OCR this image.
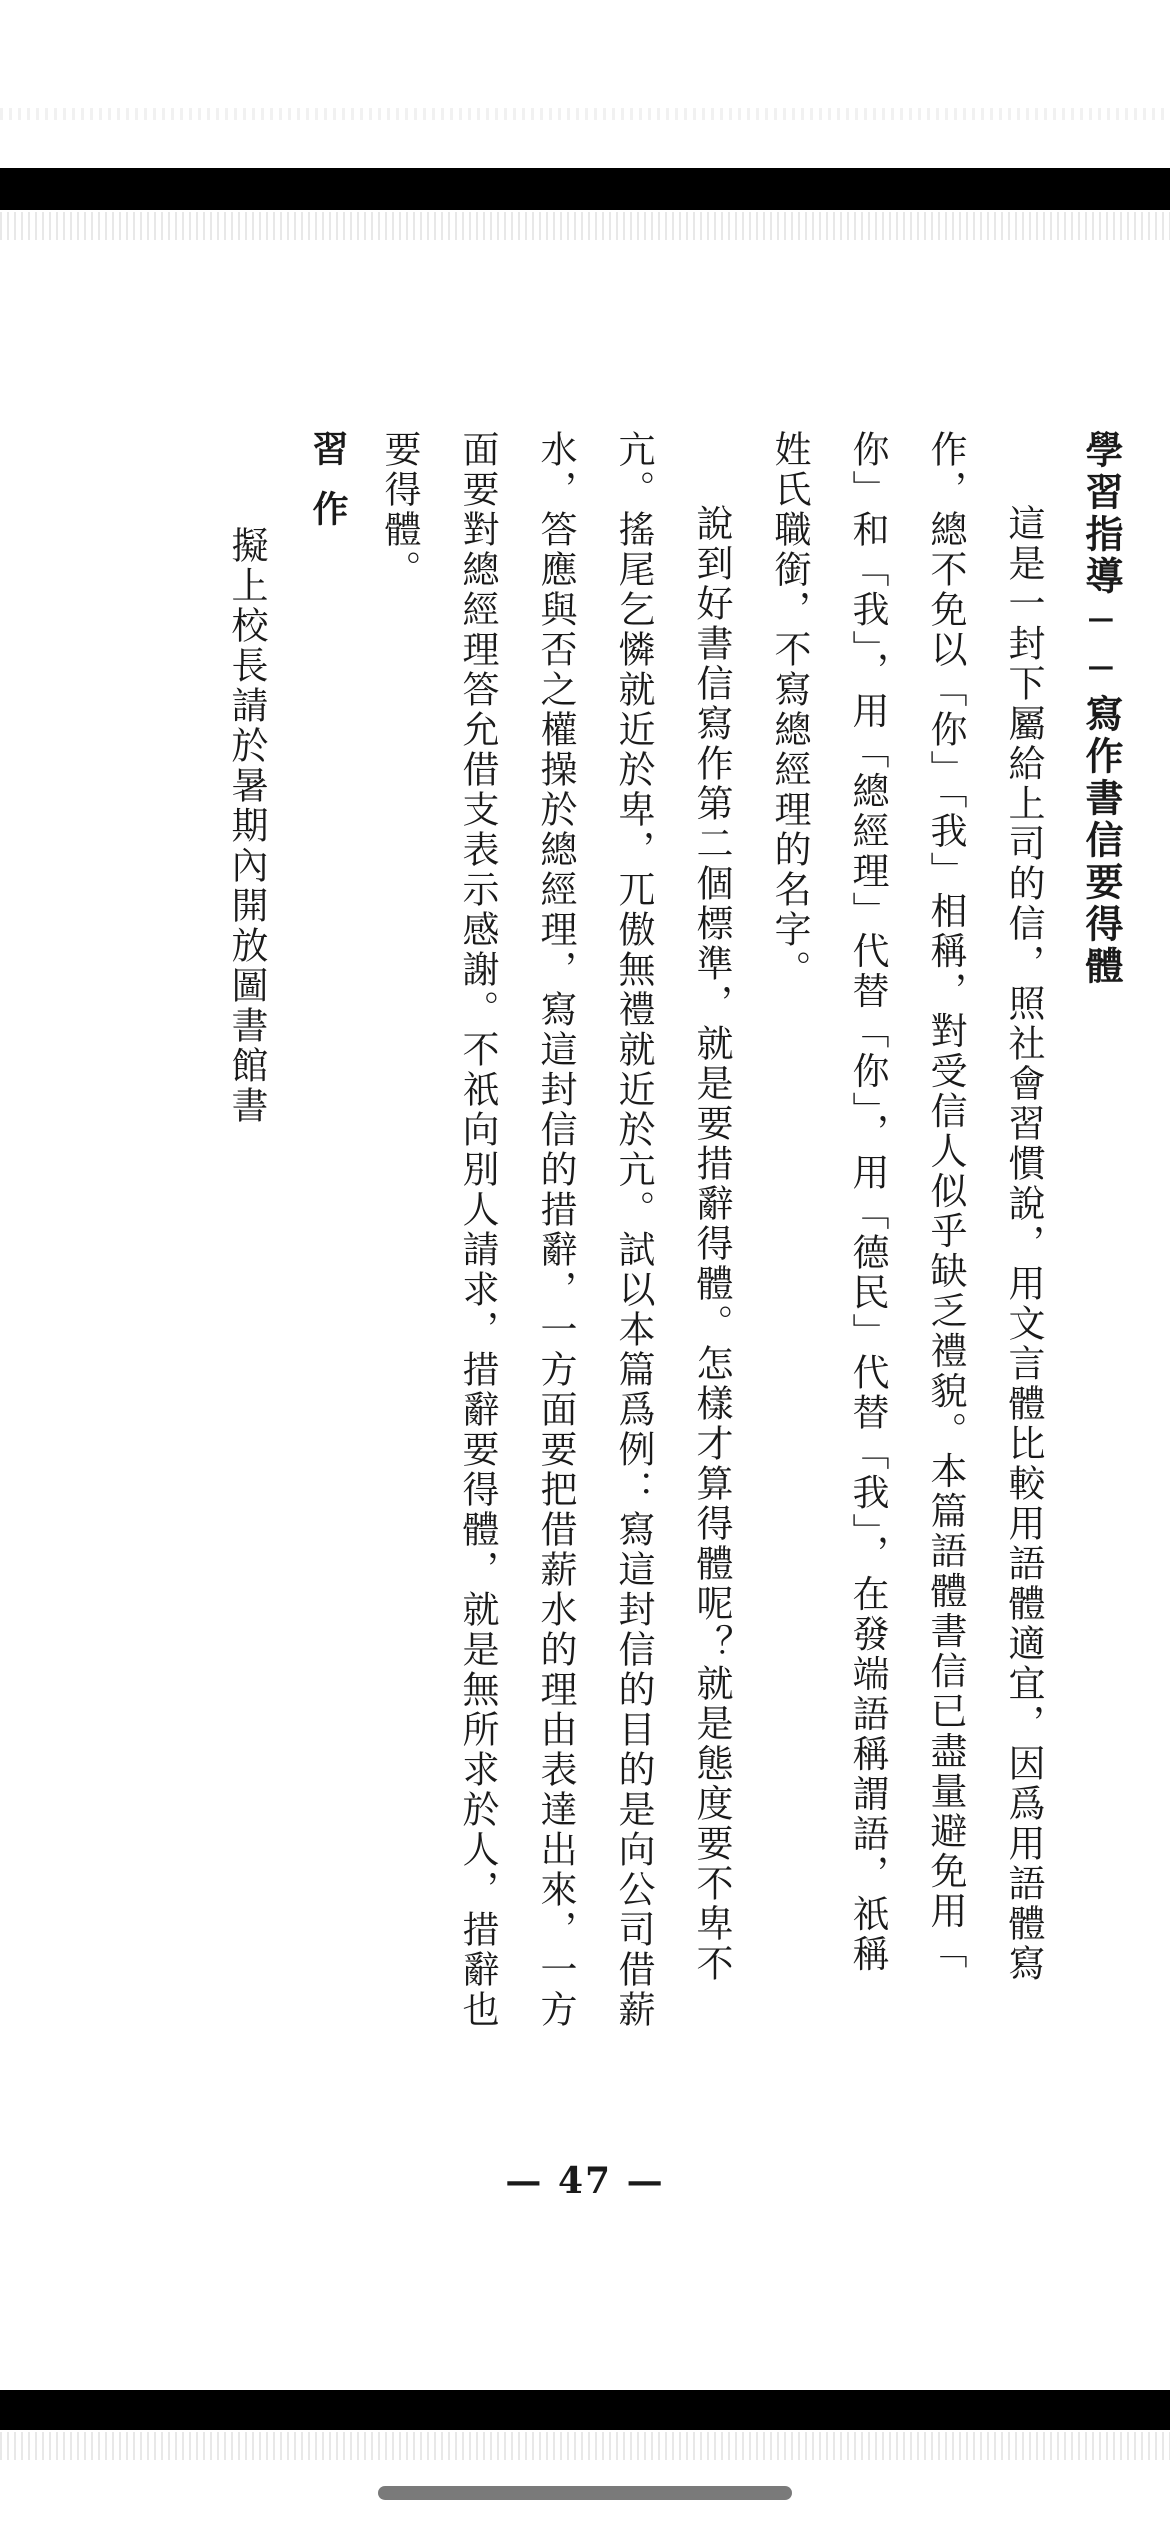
學習指導──寫作書信要得體
這是一封下屬給上司的信，照社會習慣說，用文言體比較用語體適宜，因爲用語體寫
作，總不免以「你」「我」相稱，對受信人似乎缺乏禮貌。本篇語體書信已盡量避免用「
你」和「我」，用「總經理」代替「你」，用「德民」代替「我」，在發端語稱謂語，祇稱
姓氏職銜，不寫總經理的名字。
說到好書信寫作第二個標準，就是要措辭得體。怎樣才算得體呢？就是態度要不卑不
亢。搖尾乞憐就近於卑，兀傲無禮就近於亢。試以本篇爲例：寫這封信的目的是向公司借薪
水，答應與否之權操於總經理，寫這封信的措辭，一方面要把借薪水的理由表達出來，一方
面要對總經理答允借支表示感謝。不祇向別人請求，措辭要得體，就是無所求於人，措辭也
要得體。
習作
擬上校長請於暑期內開放圖書館書
— 47 —
